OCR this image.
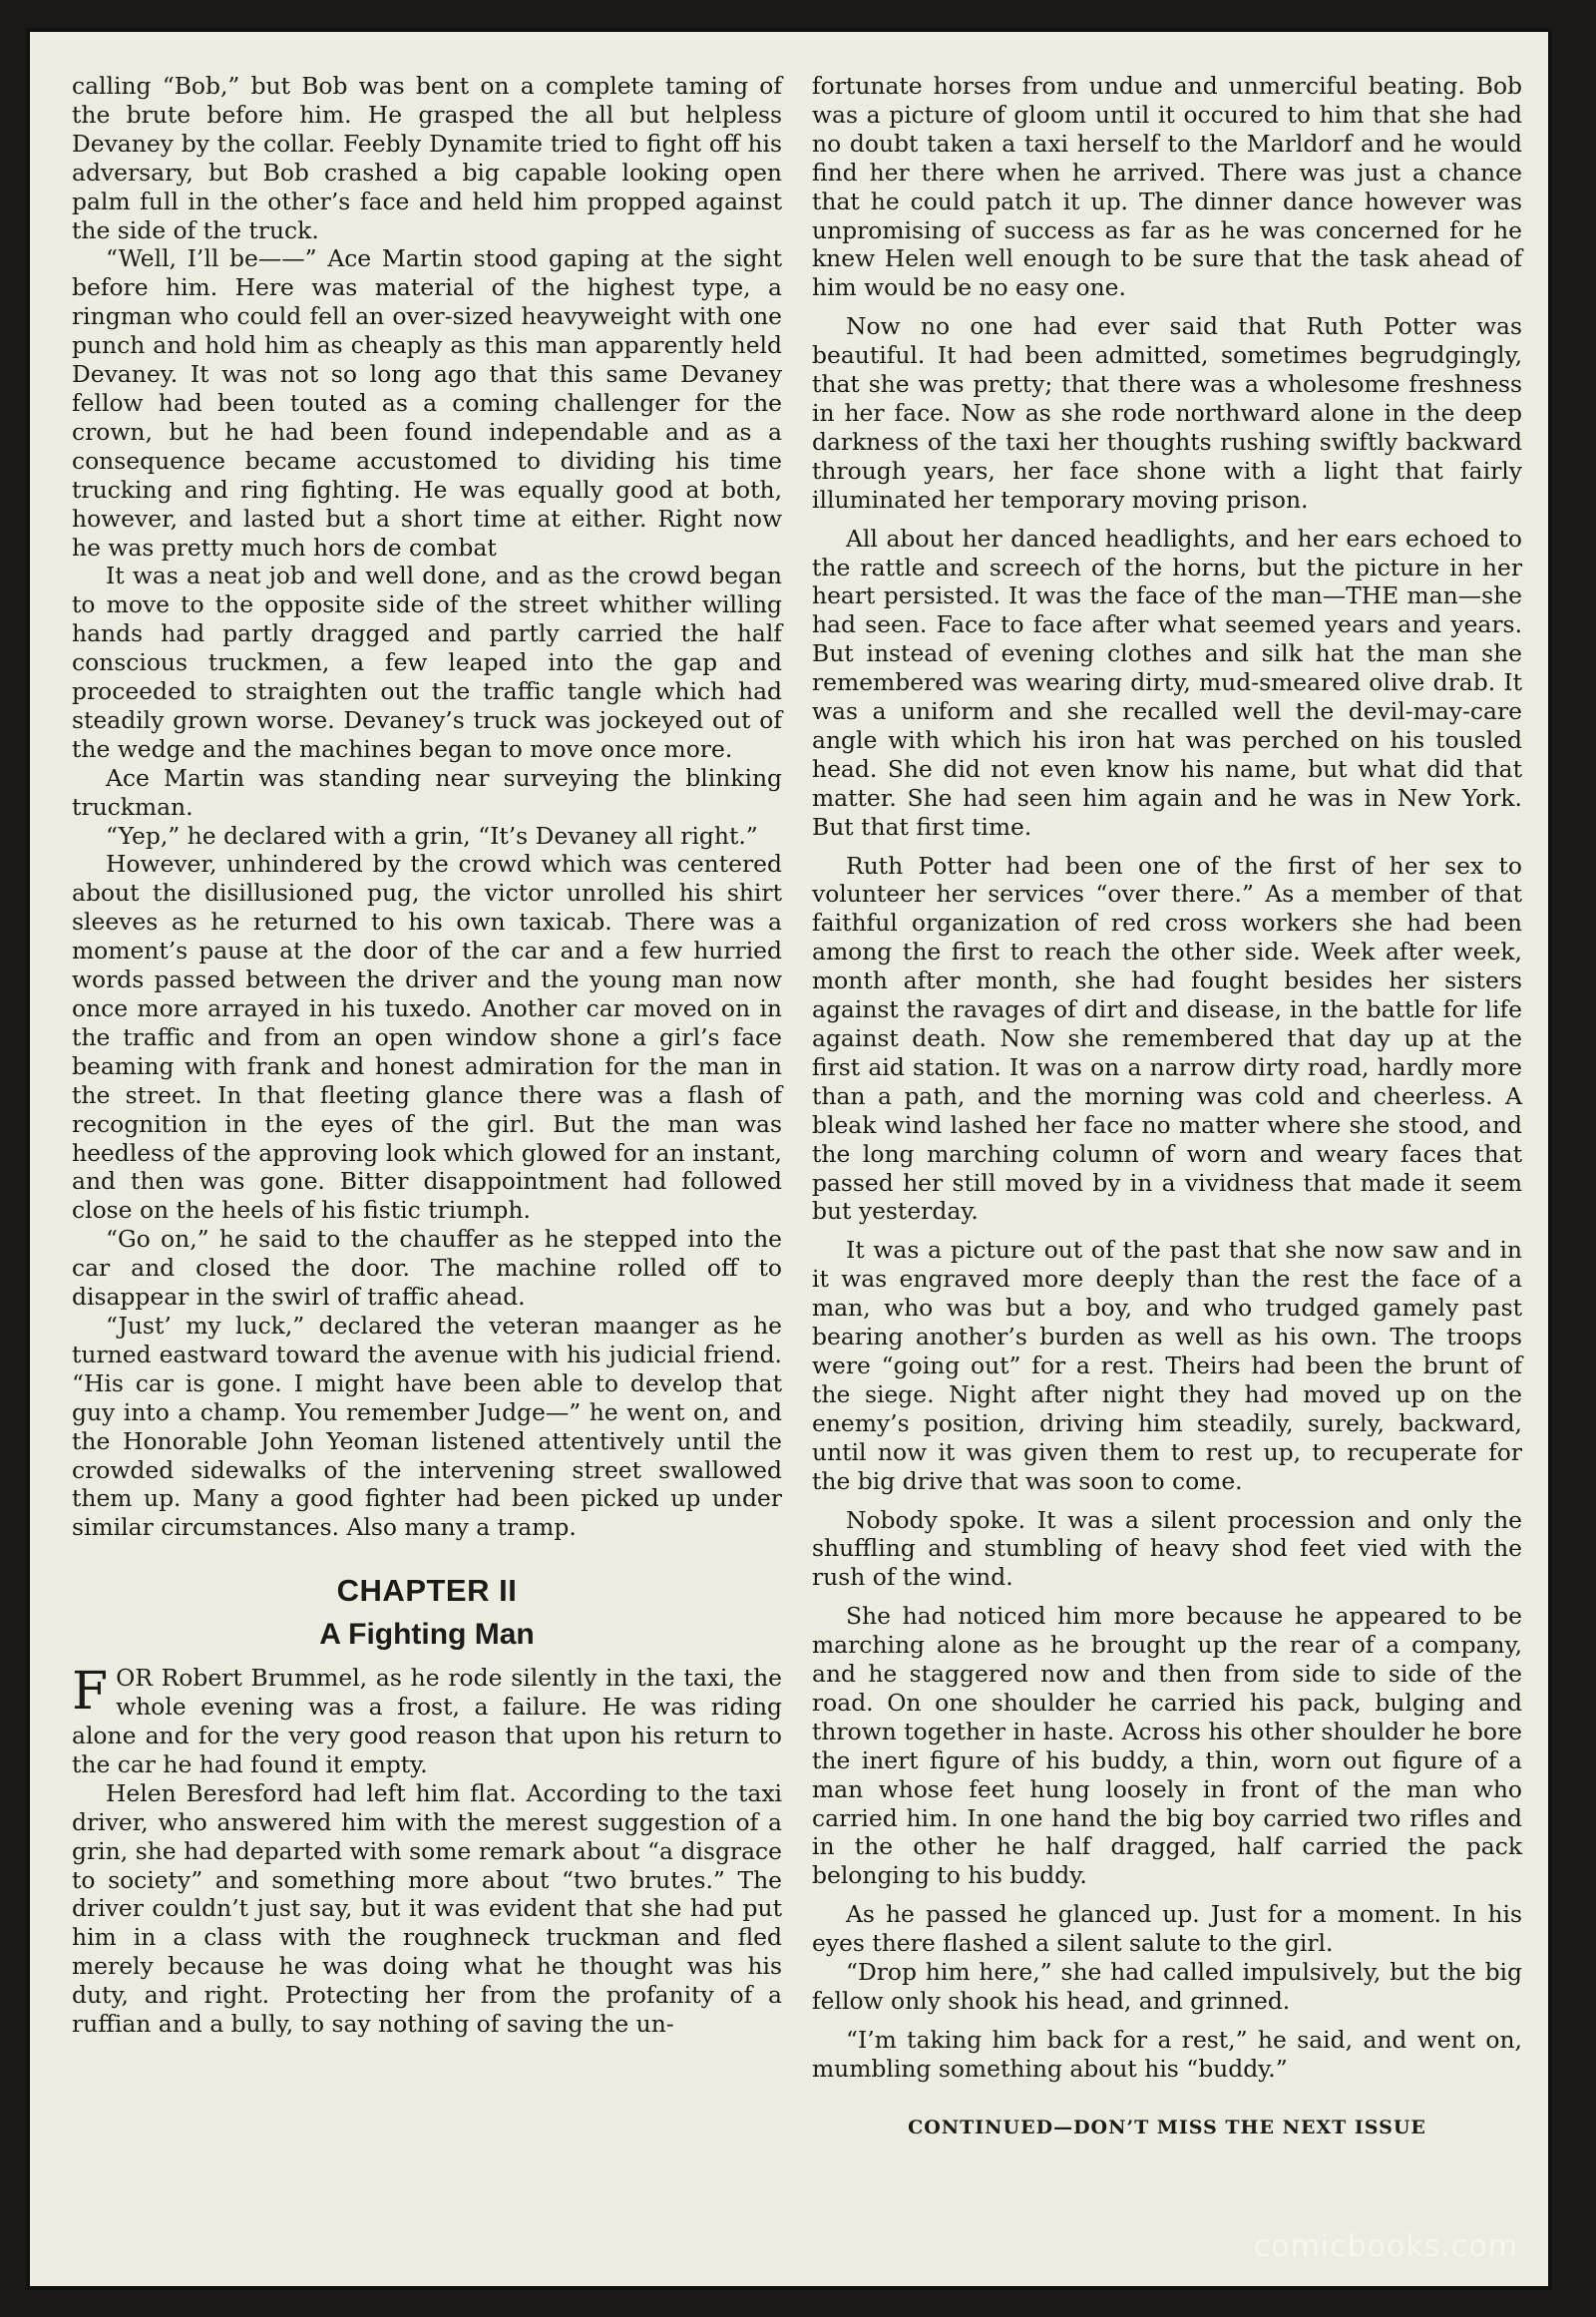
calling “Bob,” but Bob was bent on a complete taming of the brute before him. He grasped the all but helpless Devaney by the collar. Feebly Dynamite tried to fight off his adversary, but Bob crashed a big capable looking open palm full in the other’s face and held him propped against the side of the truck.

“Well, I’ll be——” Ace Martin stood gaping at the sight before him. Here was material of the highest type, a ringman who could fell an over-sized heavyweight with one punch and hold him as cheaply as this man apparently held Devaney. It was not so long ago that this same Devaney fellow had been touted as a coming challenger for the crown, but he had been found independable and as a consequence became accustomed to dividing his time trucking and ring fighting. He was equally good at both, however, and lasted but a short time at either. Right now he was pretty much hors de combat

It was a neat job and well done, and as the crowd began to move to the opposite side of the street whither willing hands had partly dragged and partly carried the half conscious truckmen, a few leaped into the gap and proceeded to straighten out the traffic tangle which had steadily grown worse. Devaney’s truck was jockeyed out of the wedge and the machines began to move once more.

Ace Martin was standing near surveying the blinking truckman.

“Yep,” he declared with a grin, “It’s Devaney all right.”

However, unhindered by the crowd which was centered about the disillusioned pug, the victor unrolled his shirt sleeves as he returned to his own taxicab. There was a moment’s pause at the door of the car and a few hurried words passed between the driver and the young man now once more arrayed in his tuxedo. Another car moved on in the traffic and from an open window shone a girl’s face beaming with frank and honest admiration for the man in the street. In that fleeting glance there was a flash of recognition in the eyes of the girl. But the man was heedless of the approving look which glowed for an instant, and then was gone. Bitter disappointment had followed close on the heels of his fistic triumph.

“Go on,” he said to the chauffer as he stepped into the car and closed the door. The machine rolled off to disappear in the swirl of traffic ahead.

“Just’ my luck,” declared the veteran maanger as he turned eastward toward the avenue with his judicial friend. “His car is gone. I might have been able to develop that guy into a champ. You remember Judge—” he went on, and the Honorable John Yeoman listened attentively until the crowded sidewalks of the intervening street swallowed them up. Many a good fighter had been picked up under similar circumstances. Also many a tramp.

CHAPTER II
A Fighting Man

FOR Robert Brummel, as he rode silently in the taxi, the whole evening was a frost, a failure. He was riding alone and for the very good reason that upon his return to the car he had found it empty.

Helen Beresford had left him flat. According to the taxi driver, who answered him with the merest suggestion of a grin, she had departed with some remark about “a disgrace to society” and something more about “two brutes.” The driver couldn’t just say, but it was evident that she had put him in a class with the roughneck truckman and fled merely because he was doing what he thought was his duty, and right. Protecting her from the profanity of a ruffian and a bully, to say nothing of saving the un-

fortunate horses from undue and unmerciful beating. Bob was a picture of gloom until it occured to him that she had no doubt taken a taxi herself to the Marldorf and he would find her there when he arrived. There was just a chance that he could patch it up. The dinner dance however was unpromising of success as far as he was concerned for he knew Helen well enough to be sure that the task ahead of him would be no easy one.

Now no one had ever said that Ruth Potter was beautiful. It had been admitted, sometimes begrudgingly, that she was pretty; that there was a wholesome freshness in her face. Now as she rode northward alone in the deep darkness of the taxi her thoughts rushing swiftly backward through years, her face shone with a light that fairly illuminated her temporary moving prison.

All about her danced headlights, and her ears echoed to the rattle and screech of the horns, but the picture in her heart persisted. It was the face of the man—THE man—she had seen. Face to face after what seemed years and years. But instead of evening clothes and silk hat the man she remembered was wearing dirty, mud-smeared olive drab. It was a uniform and she recalled well the devil-may-care angle with which his iron hat was perched on his tousled head. She did not even know his name, but what did that matter. She had seen him again and he was in New York. But that first time.

Ruth Potter had been one of the first of her sex to volunteer her services “over there.” As a member of that faithful organization of red cross workers she had been among the first to reach the other side. Week after week, month after month, she had fought besides her sisters against the ravages of dirt and disease, in the battle for life against death. Now she remembered that day up at the first aid station. It was on a narrow dirty road, hardly more than a path, and the morning was cold and cheerless. A bleak wind lashed her face no matter where she stood, and the long marching column of worn and weary faces that passed her still moved by in a vividness that made it seem but yesterday.

It was a picture out of the past that she now saw and in it was engraved more deeply than the rest the face of a man, who was but a boy, and who trudged gamely past bearing another’s burden as well as his own. The troops were “going out” for a rest. Theirs had been the brunt of the siege. Night after night they had moved up on the enemy’s position, driving him steadily, surely, backward, until now it was given them to rest up, to recuperate for the big drive that was soon to come.

Nobody spoke. It was a silent procession and only the shuffling and stumbling of heavy shod feet vied with the rush of the wind.

She had noticed him more because he appeared to be marching alone as he brought up the rear of a company, and he staggered now and then from side to side of the road. On one shoulder he carried his pack, bulging and thrown together in haste. Across his other shoulder he bore the inert figure of his buddy, a thin, worn out figure of a man whose feet hung loosely in front of the man who carried him. In one hand the big boy carried two rifles and in the other he half dragged, half carried the pack belonging to his buddy.

As he passed he glanced up. Just for a moment. In his eyes there flashed a silent salute to the girl.

“Drop him here,” she had called impulsively, but the big fellow only shook his head, and grinned.

“I’m taking him back for a rest,” he said, and went on, mumbling something about his “buddy.”

CONTINUED—DON’T MISS THE NEXT ISSUE
comicbooks.com
